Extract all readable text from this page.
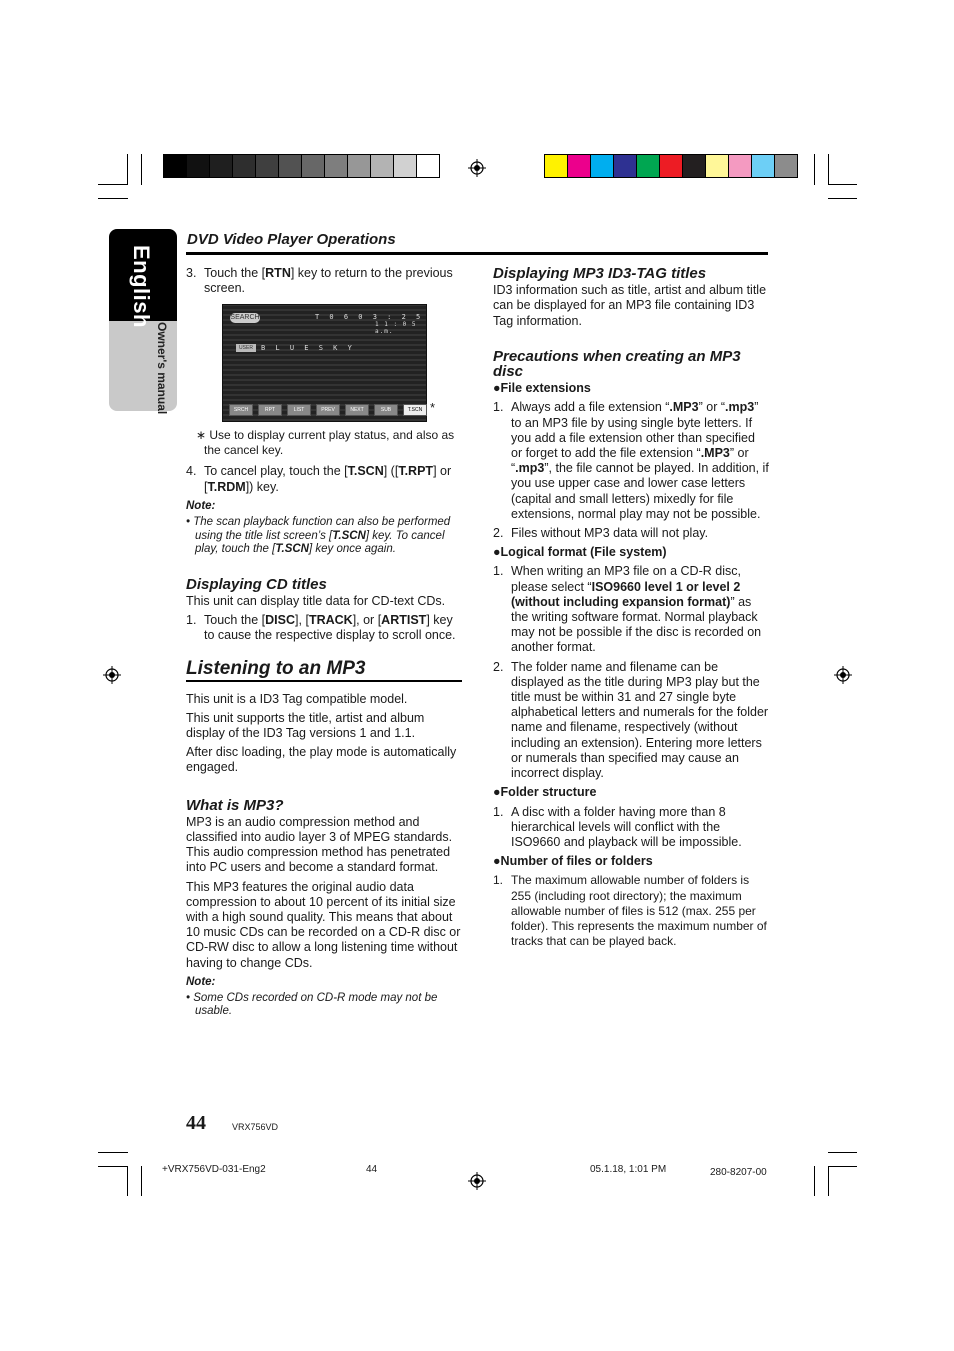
English
Owner's manual
DVD Video Player Operations
3. Touch the [RTN] key to return to the previous screen.
SEARCH	T 0 6 0 3 : 2 5
1 1 : 0 5 a.m.
USER	B L U E S K Y
SRCH	RPT	LIST	PREV	NEXT	SUB	T.SCN *

∗ Use to display current play status, and also as the cancel key.

4. To cancel play, touch the [T.SCN] ([T.RPT] or [T.RDM]) key.
Note:
• The scan playback function can also be performed using the title list screen’s [T.SCN] key. To cancel play, touch the [T.SCN] key once again.
Displaying CD titles

This unit can display title data for CD-text CDs.

1. Touch the [DISC], [TRACK], or [ARTIST] key to cause the respective display to scroll once.
Listening to an MP3

This unit is a ID3 Tag compatible model.

This unit supports the title, artist and album display of the ID3 Tag versions 1 and 1.1.

After disc loading, the play mode is automatically engaged.

What is MP3?

MP3 is an audio compression method and classified into audio layer 3 of MPEG standards. This audio compression method has penetrated into PC users and become a standard format.

This MP3 features the original audio data compression to about 10 percent of its initial size with a high sound quality. This means that about 10 music CDs can be recorded on a CD-R disc or CD-RW disc to allow a long listening time without having to change CDs.

Note:
• Some CDs recorded on CD-R mode may not be usable.
Displaying MP3 ID3-TAG titles

ID3 information such as title, artist and album title can be displayed for an MP3 file containing ID3 Tag information.

Precautions when creating an MP3 disc
●File extensions
1. Always add a file extension “.MP3” or “.mp3” to an MP3 file by using single byte letters. If you add a file extension other than specified or forget to add the file extension “.MP3” or “.mp3”, the file cannot be played. In addition, if you use upper case and lower case letters (capital and small letters) mixedly for file extensions, normal play may not be possible.
2. Files without MP3 data will not play.
●Logical format (File system)
1. When writing an MP3 file on a CD-R disc, please select “ISO9660 level 1 or level 2 (without including expansion format)” as the writing software format. Normal playback may not be possible if the disc is recorded on another format.
2. The folder name and filename can be displayed as the title during MP3 play but the title must be within 31 and 27 single byte alphabetical letters and numerals for the folder name and filename, respectively (without including an extension). Entering more letters or numerals than specified may cause an incorrect display.
●Folder structure
1. A disc with a folder having more than 8 hierarchical levels will conflict with the ISO9660 and playback will be impossible.
●Number of files or folders
1. The maximum allowable number of folders is 255 (including root directory); the maximum allowable number of files is 512 (max. 255 per folder). This represents the maximum number of tracks that can be played back.
44	VRX756VD
+VRX756VD-031-Eng2	44	05.1.18, 1:01 PM	280-8207-00
